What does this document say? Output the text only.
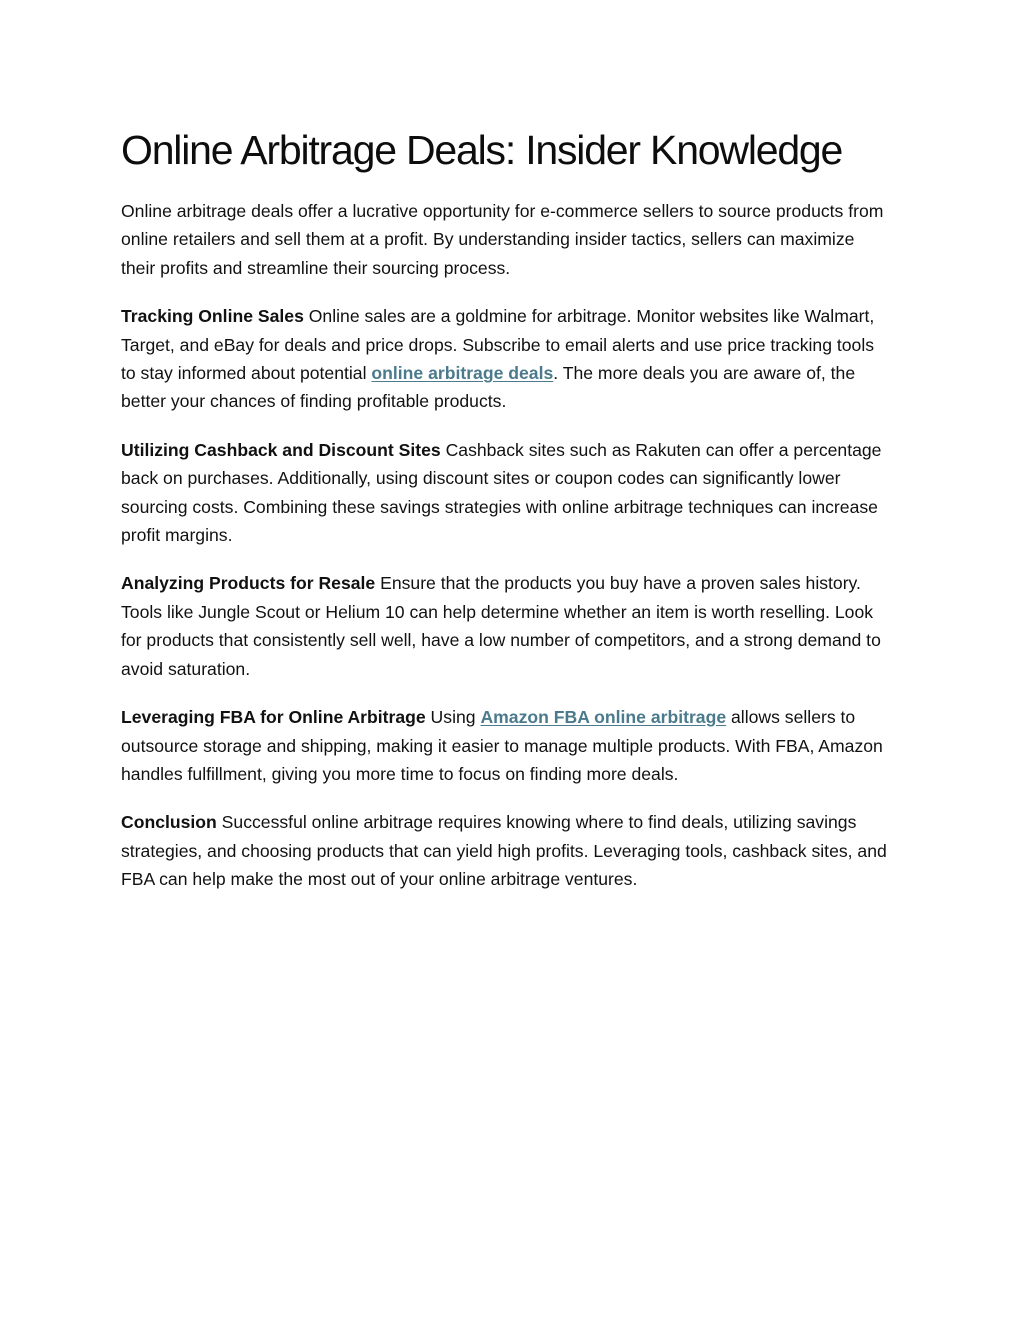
Online Arbitrage Deals: Insider Knowledge

Online arbitrage deals offer a lucrative opportunity for e-commerce sellers to source products from online retailers and sell them at a profit. By understanding insider tactics, sellers can maximize their profits and streamline their sourcing process.

Tracking Online Sales Online sales are a goldmine for arbitrage. Monitor websites like Walmart, Target, and eBay for deals and price drops. Subscribe to email alerts and use price tracking tools to stay informed about potential online arbitrage deals. The more deals you are aware of, the better your chances of finding profitable products.

Utilizing Cashback and Discount Sites Cashback sites such as Rakuten can offer a percentage back on purchases. Additionally, using discount sites or coupon codes can significantly lower sourcing costs. Combining these savings strategies with online arbitrage techniques can increase profit margins.

Analyzing Products for Resale Ensure that the products you buy have a proven sales history. Tools like Jungle Scout or Helium 10 can help determine whether an item is worth reselling. Look for products that consistently sell well, have a low number of competitors, and a strong demand to avoid saturation.

Leveraging FBA for Online Arbitrage Using Amazon FBA online arbitrage allows sellers to outsource storage and shipping, making it easier to manage multiple products. With FBA, Amazon handles fulfillment, giving you more time to focus on finding more deals.

Conclusion Successful online arbitrage requires knowing where to find deals, utilizing savings strategies, and choosing products that can yield high profits. Leveraging tools, cashback sites, and FBA can help make the most out of your online arbitrage ventures.
